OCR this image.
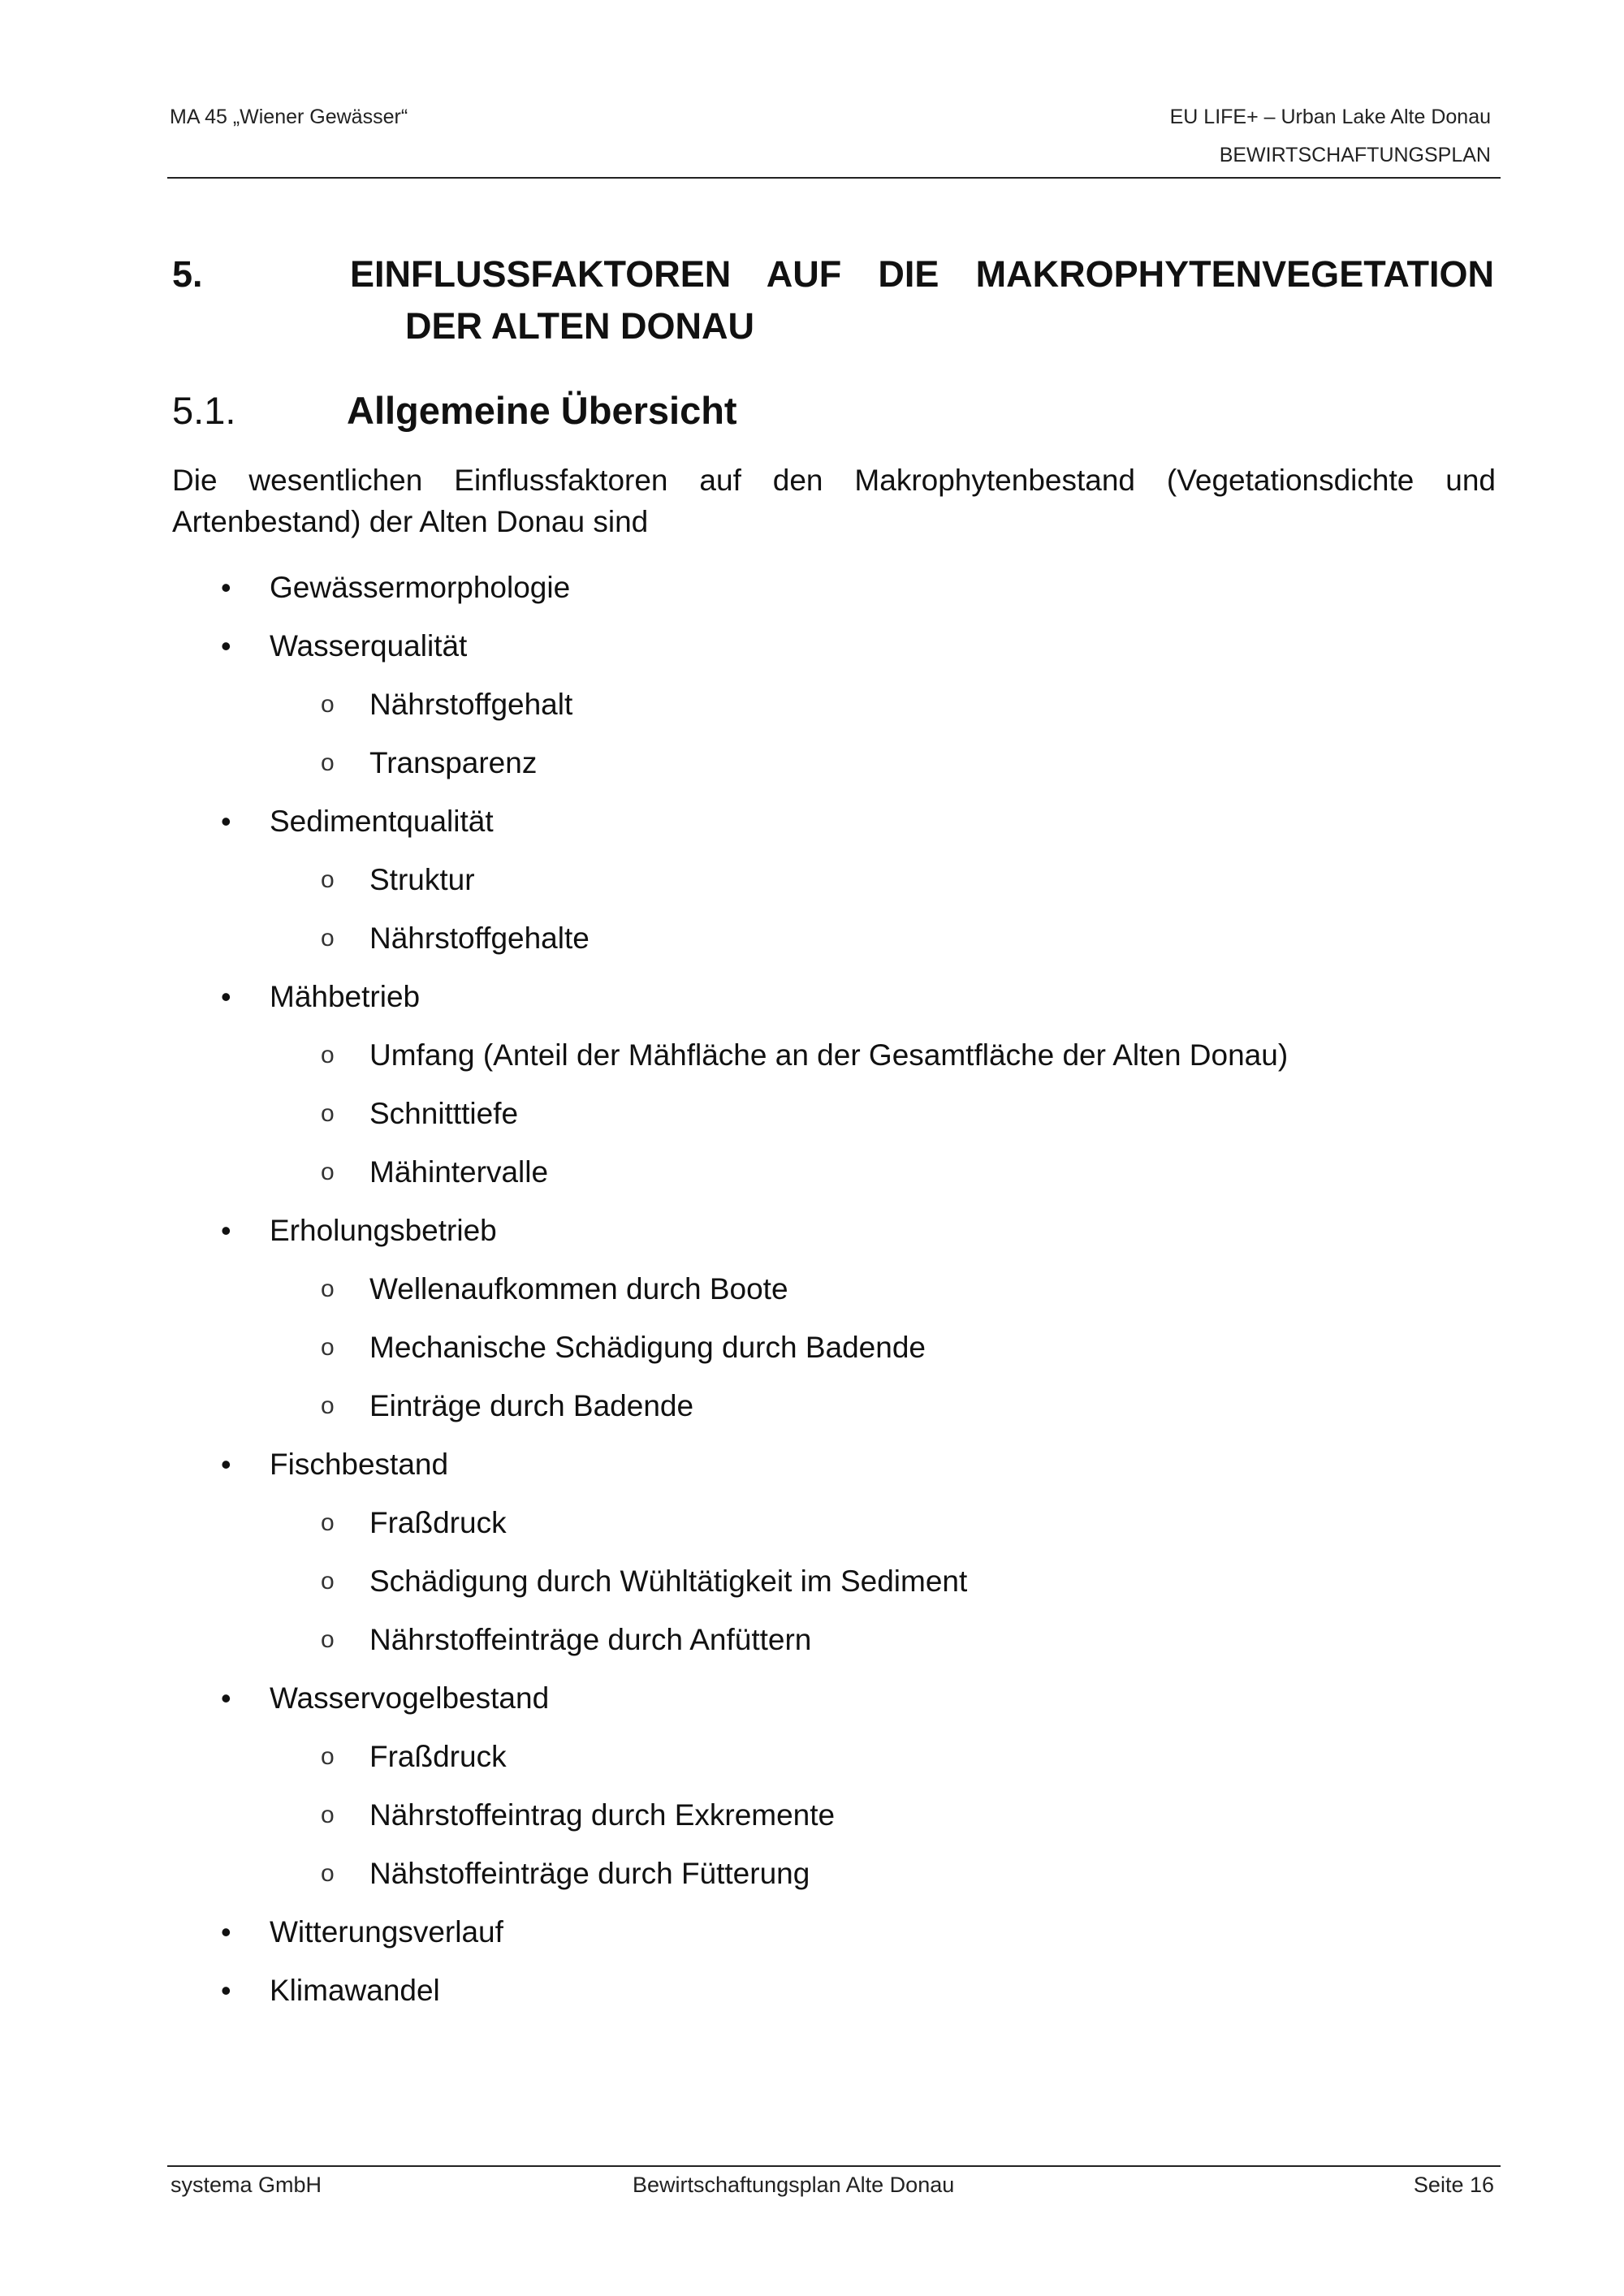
MA 45 „Wiener Gewässer“	EU LIFE+ – Urban Lake Alte Donau
BEWIRTSCHAFTUNGSPLAN
5.	EINFLUSSFAKTOREN AUF DIE MAKROPHYTENVEGETATION
DER ALTEN DONAU
5.1.	Allgemeine Übersicht
Die wesentlichen Einflussfaktoren auf den Makrophytenbestand (Vegetationsdichte und
Artenbestand) der Alten Donau sind
• Gewässermorphologie
• Wasserqualität
o Nährstoffgehalt
o Transparenz
• Sedimentqualität
o Struktur
o Nährstoffgehalte
• Mähbetrieb
o Umfang (Anteil der Mähfläche an der Gesamtfläche der Alten Donau)
o Schnitttiefe
o Mähintervalle
• Erholungsbetrieb
o Wellenaufkommen durch Boote
o Mechanische Schädigung durch Badende
o Einträge durch Badende
• Fischbestand
o Fraßdruck
o Schädigung durch Wühltätigkeit im Sediment
o Nährstoffeinträge durch Anfüttern
• Wasservogelbestand
o Fraßdruck
o Nährstoffeintrag durch Exkremente
o Nähstoffeinträge durch Fütterung
• Witterungsverlauf
• Klimawandel
systema GmbH	Bewirtschaftungsplan Alte Donau	Seite 16
